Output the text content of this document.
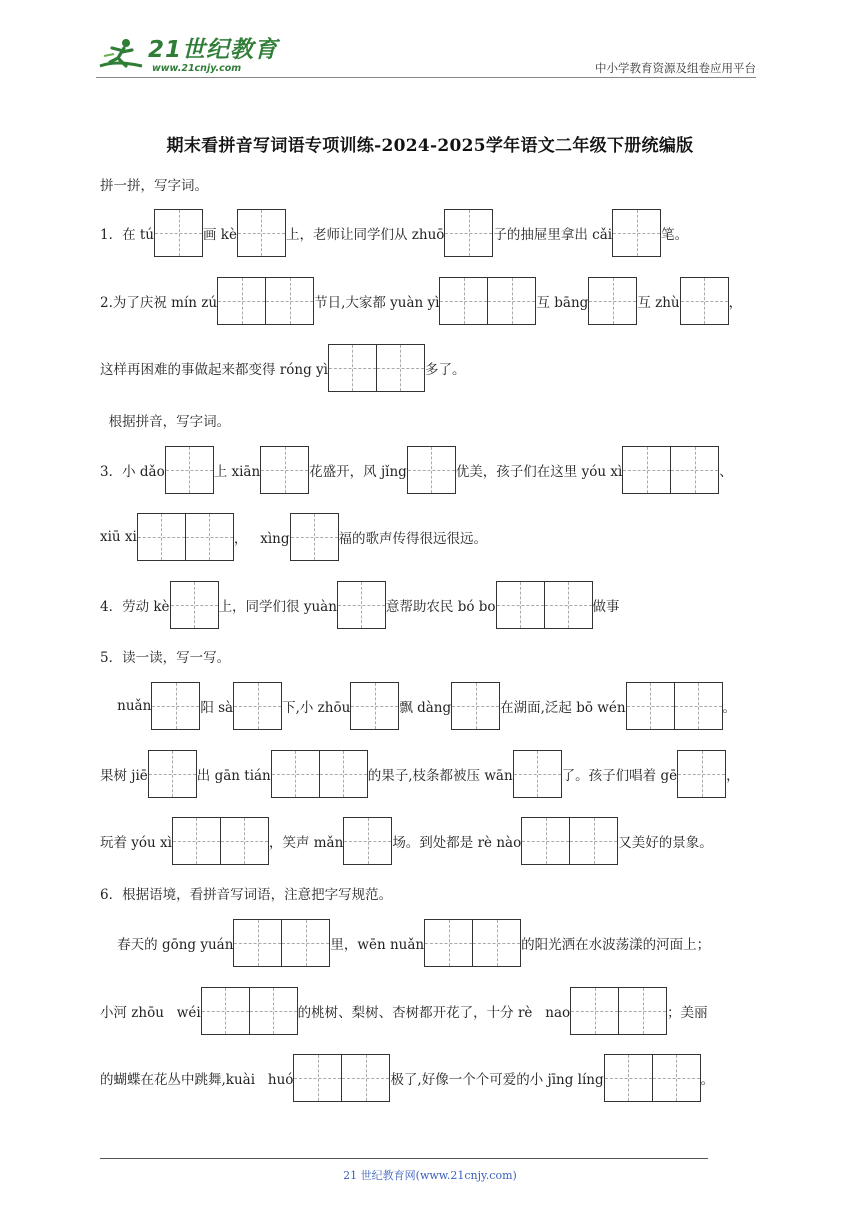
21世纪教育
www.21cnjy.com	中小学教育资源及组卷应用平台
期末看拼音写词语专项训练-2024-2025学年语文二年级下册统编版
拼一拼，写字词。
1．在 tú	画 kè	上，老师让同学们从 zhuō	子的抽屉里拿出 cǎi	笔。
2.为了庆祝 mín zú	节日,大家都 yuàn yì	互 bāng	互 zhù	，
这样再困难的事做起来都变得 róng yì	多了。
根据拼音，写字词。
3．小 dǎo	上 xiān	花盛开，风 jǐng	优美，孩子们在这里 yóu xì	、
xiū xi	，   xìng	福的歌声传得很远很远。
4．劳动 kè	上，同学们很 yuàn	意帮助农民 bó bo	做事
5．读一读，写一写。
nuǎn	阳 sà	下,小 zhōu	飘 dàng	在湖面,泛起 bō wén	。
果树 jiē	出 gān tián	的果子,枝条都被压 wān	了。孩子们唱着 gē	，
玩着 yóu xì	，笑声 mǎn	场。到处都是 rè nào	又美好的景象。
6．根据语境，看拼音写词语，注意把字写规范。
春天的 gōng yuán	里，wēn nuǎn	的阳光洒在水波荡漾的河面上；
小河 zhōu   wéi	的桃树、梨树、杏树都开花了，十分 rè   nao	；美丽
的蝴蝶在花丛中跳舞,kuài   huó	极了,好像一个个可爱的小 jīng líng	。
21 世纪教育网(www.21cnjy.com)
